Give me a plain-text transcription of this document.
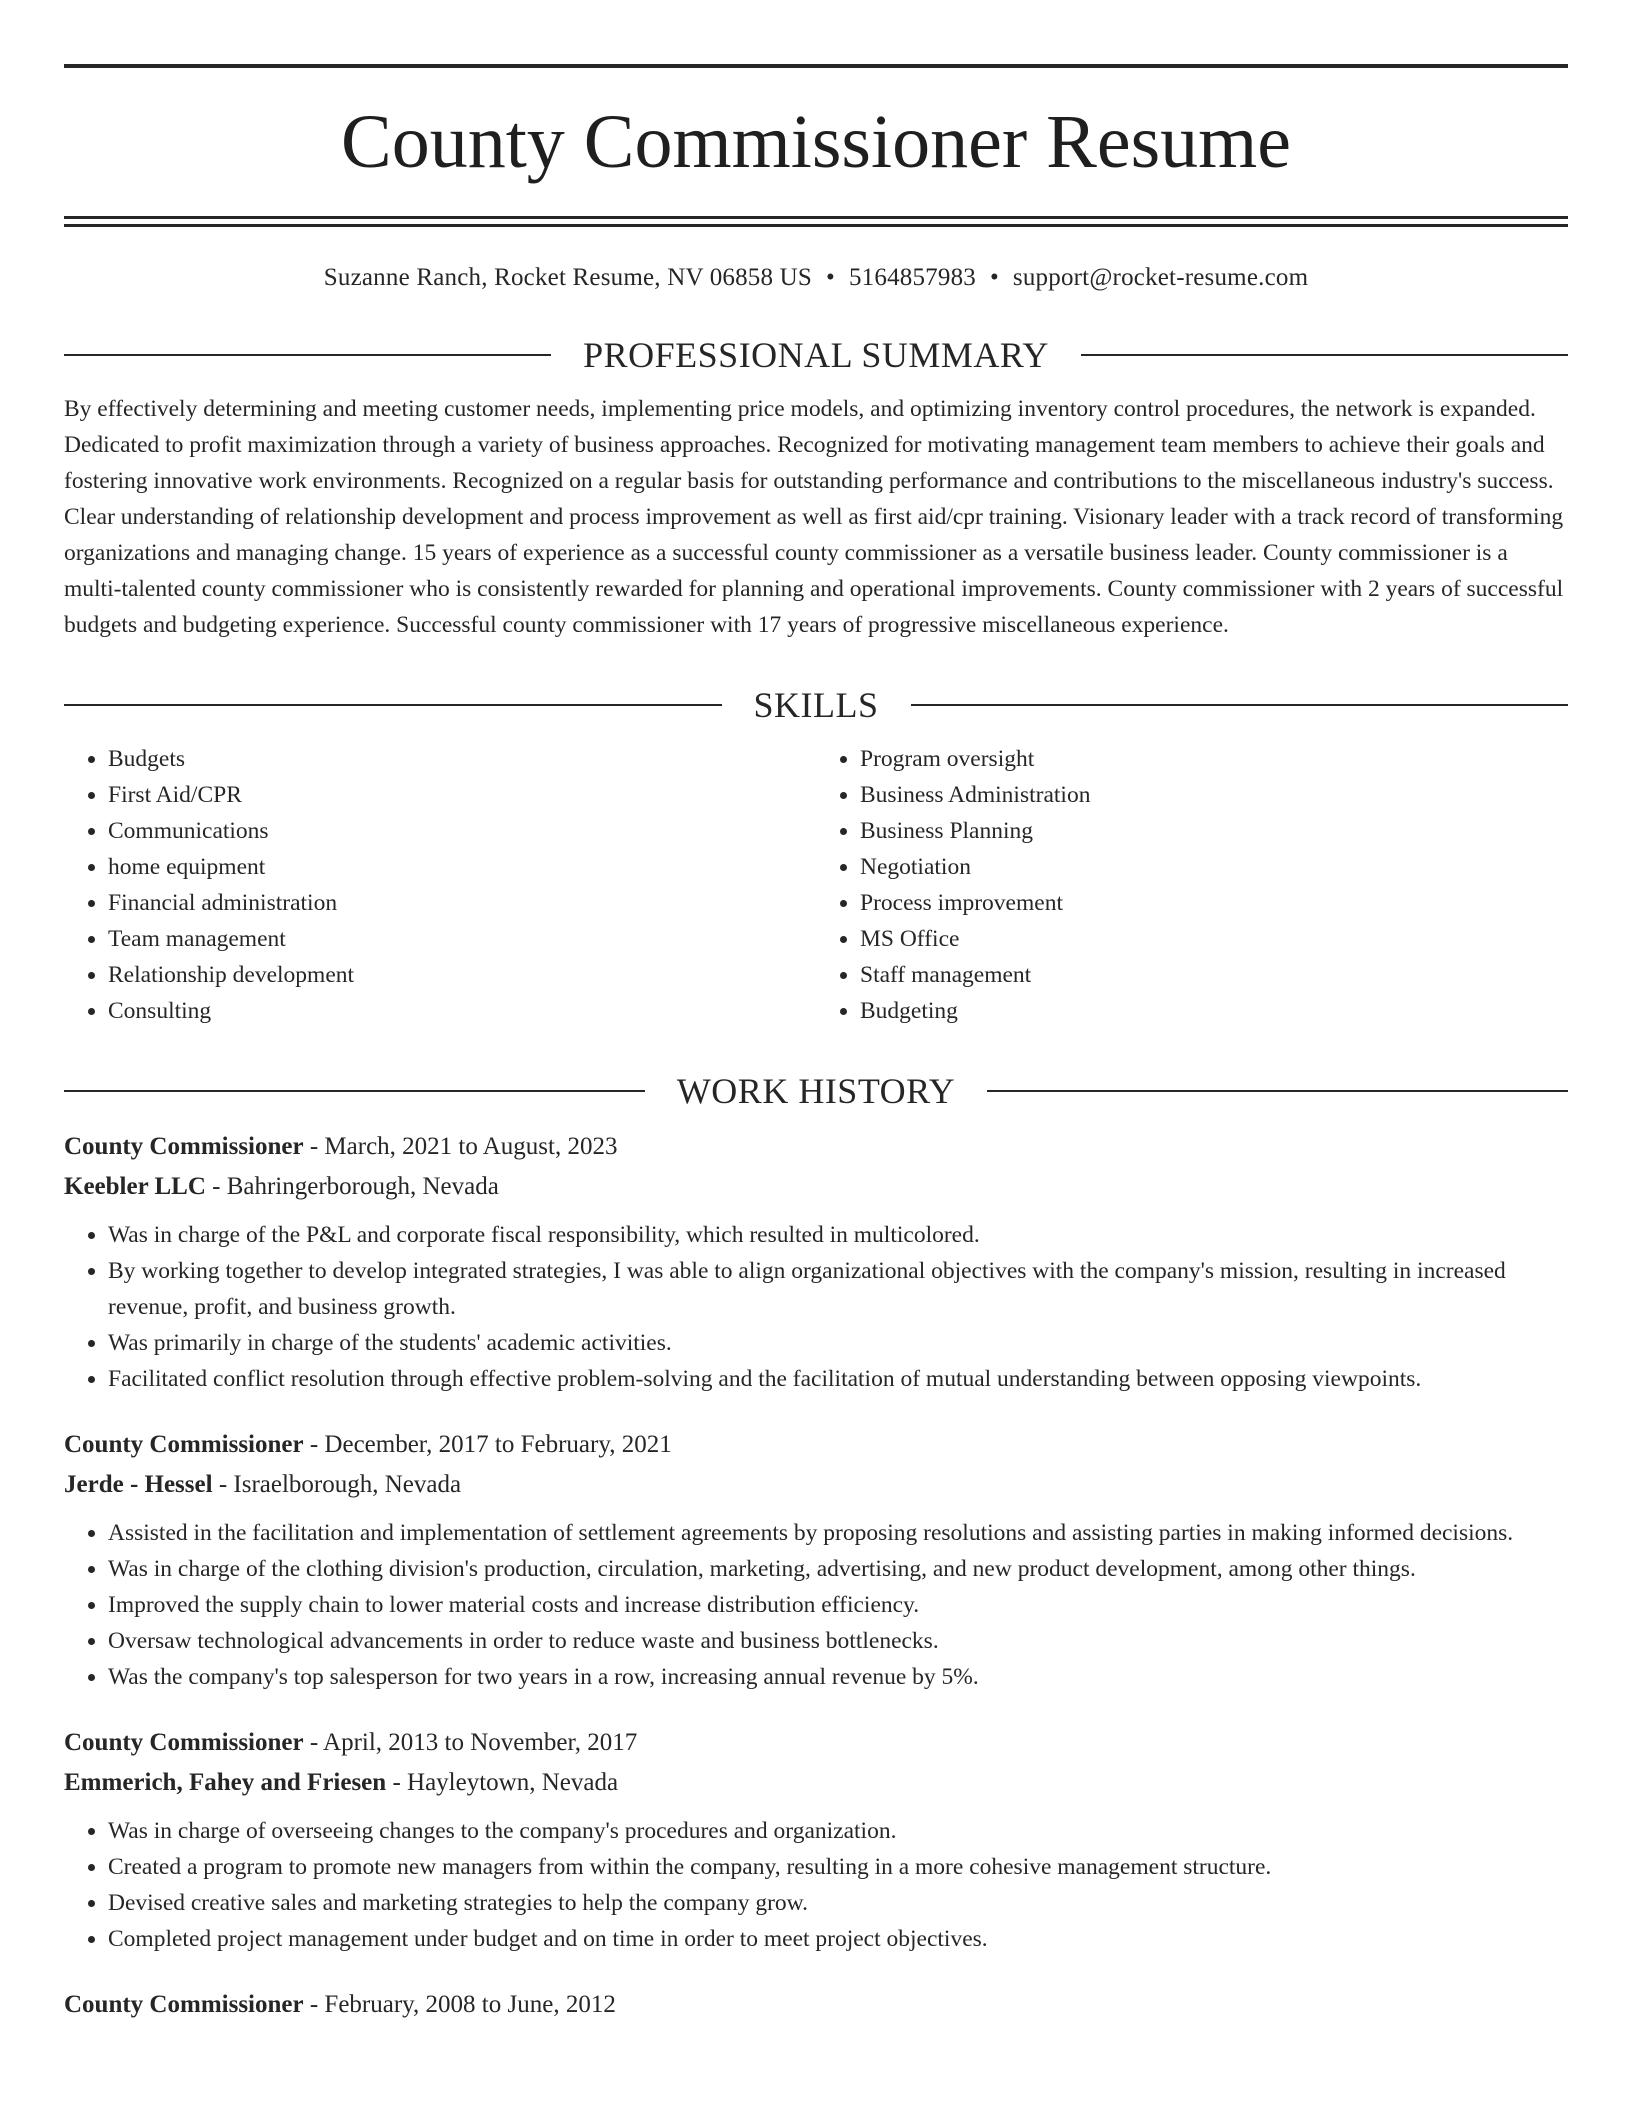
County Commissioner Resume
Suzanne Ranch, Rocket Resume, NV 06858 US • 5164857983 • support@rocket-resume.com
PROFESSIONAL SUMMARY

By effectively determining and meeting customer needs, implementing price models, and optimizing inventory control procedures, the network is expanded. Dedicated to profit maximization through a variety of business approaches. Recognized for motivating management team members to achieve their goals and fostering innovative work environments. Recognized on a regular basis for outstanding performance and contributions to the miscellaneous industry's success. Clear understanding of relationship development and process improvement as well as first aid/cpr training. Visionary leader with a track record of transforming organizations and managing change. 15 years of experience as a successful county commissioner as a versatile business leader. County commissioner is a multi-talented county commissioner who is consistently rewarded for planning and operational improvements. County commissioner with 2 years of successful budgets and budgeting experience. Successful county commissioner with 17 years of progressive miscellaneous experience.

SKILLS
• Budgets
• First Aid/CPR
• Communications
• home equipment
• Financial administration
• Team management
• Relationship development
• Consulting
• Program oversight
• Business Administration
• Business Planning
• Negotiation
• Process improvement
• MS Office
• Staff management
• Budgeting
WORK HISTORY
County Commissioner - March, 2021 to August, 2023
Keebler LLC - Bahringerborough, Nevada
• Was in charge of the P&L and corporate fiscal responsibility, which resulted in multicolored.
• By working together to develop integrated strategies, I was able to align organizational objectives with the company's mission, resulting in increased revenue, profit, and business growth.
• Was primarily in charge of the students' academic activities.
• Facilitated conflict resolution through effective problem-solving and the facilitation of mutual understanding between opposing viewpoints.
County Commissioner - December, 2017 to February, 2021
Jerde - Hessel - Israelborough, Nevada
• Assisted in the facilitation and implementation of settlement agreements by proposing resolutions and assisting parties in making informed decisions.
• Was in charge of the clothing division's production, circulation, marketing, advertising, and new product development, among other things.
• Improved the supply chain to lower material costs and increase distribution efficiency.
• Oversaw technological advancements in order to reduce waste and business bottlenecks.
• Was the company's top salesperson for two years in a row, increasing annual revenue by 5%.
County Commissioner - April, 2013 to November, 2017
Emmerich, Fahey and Friesen - Hayleytown, Nevada
• Was in charge of overseeing changes to the company's procedures and organization.
• Created a program to promote new managers from within the company, resulting in a more cohesive management structure.
• Devised creative sales and marketing strategies to help the company grow.
• Completed project management under budget and on time in order to meet project objectives.
County Commissioner - February, 2008 to June, 2012
